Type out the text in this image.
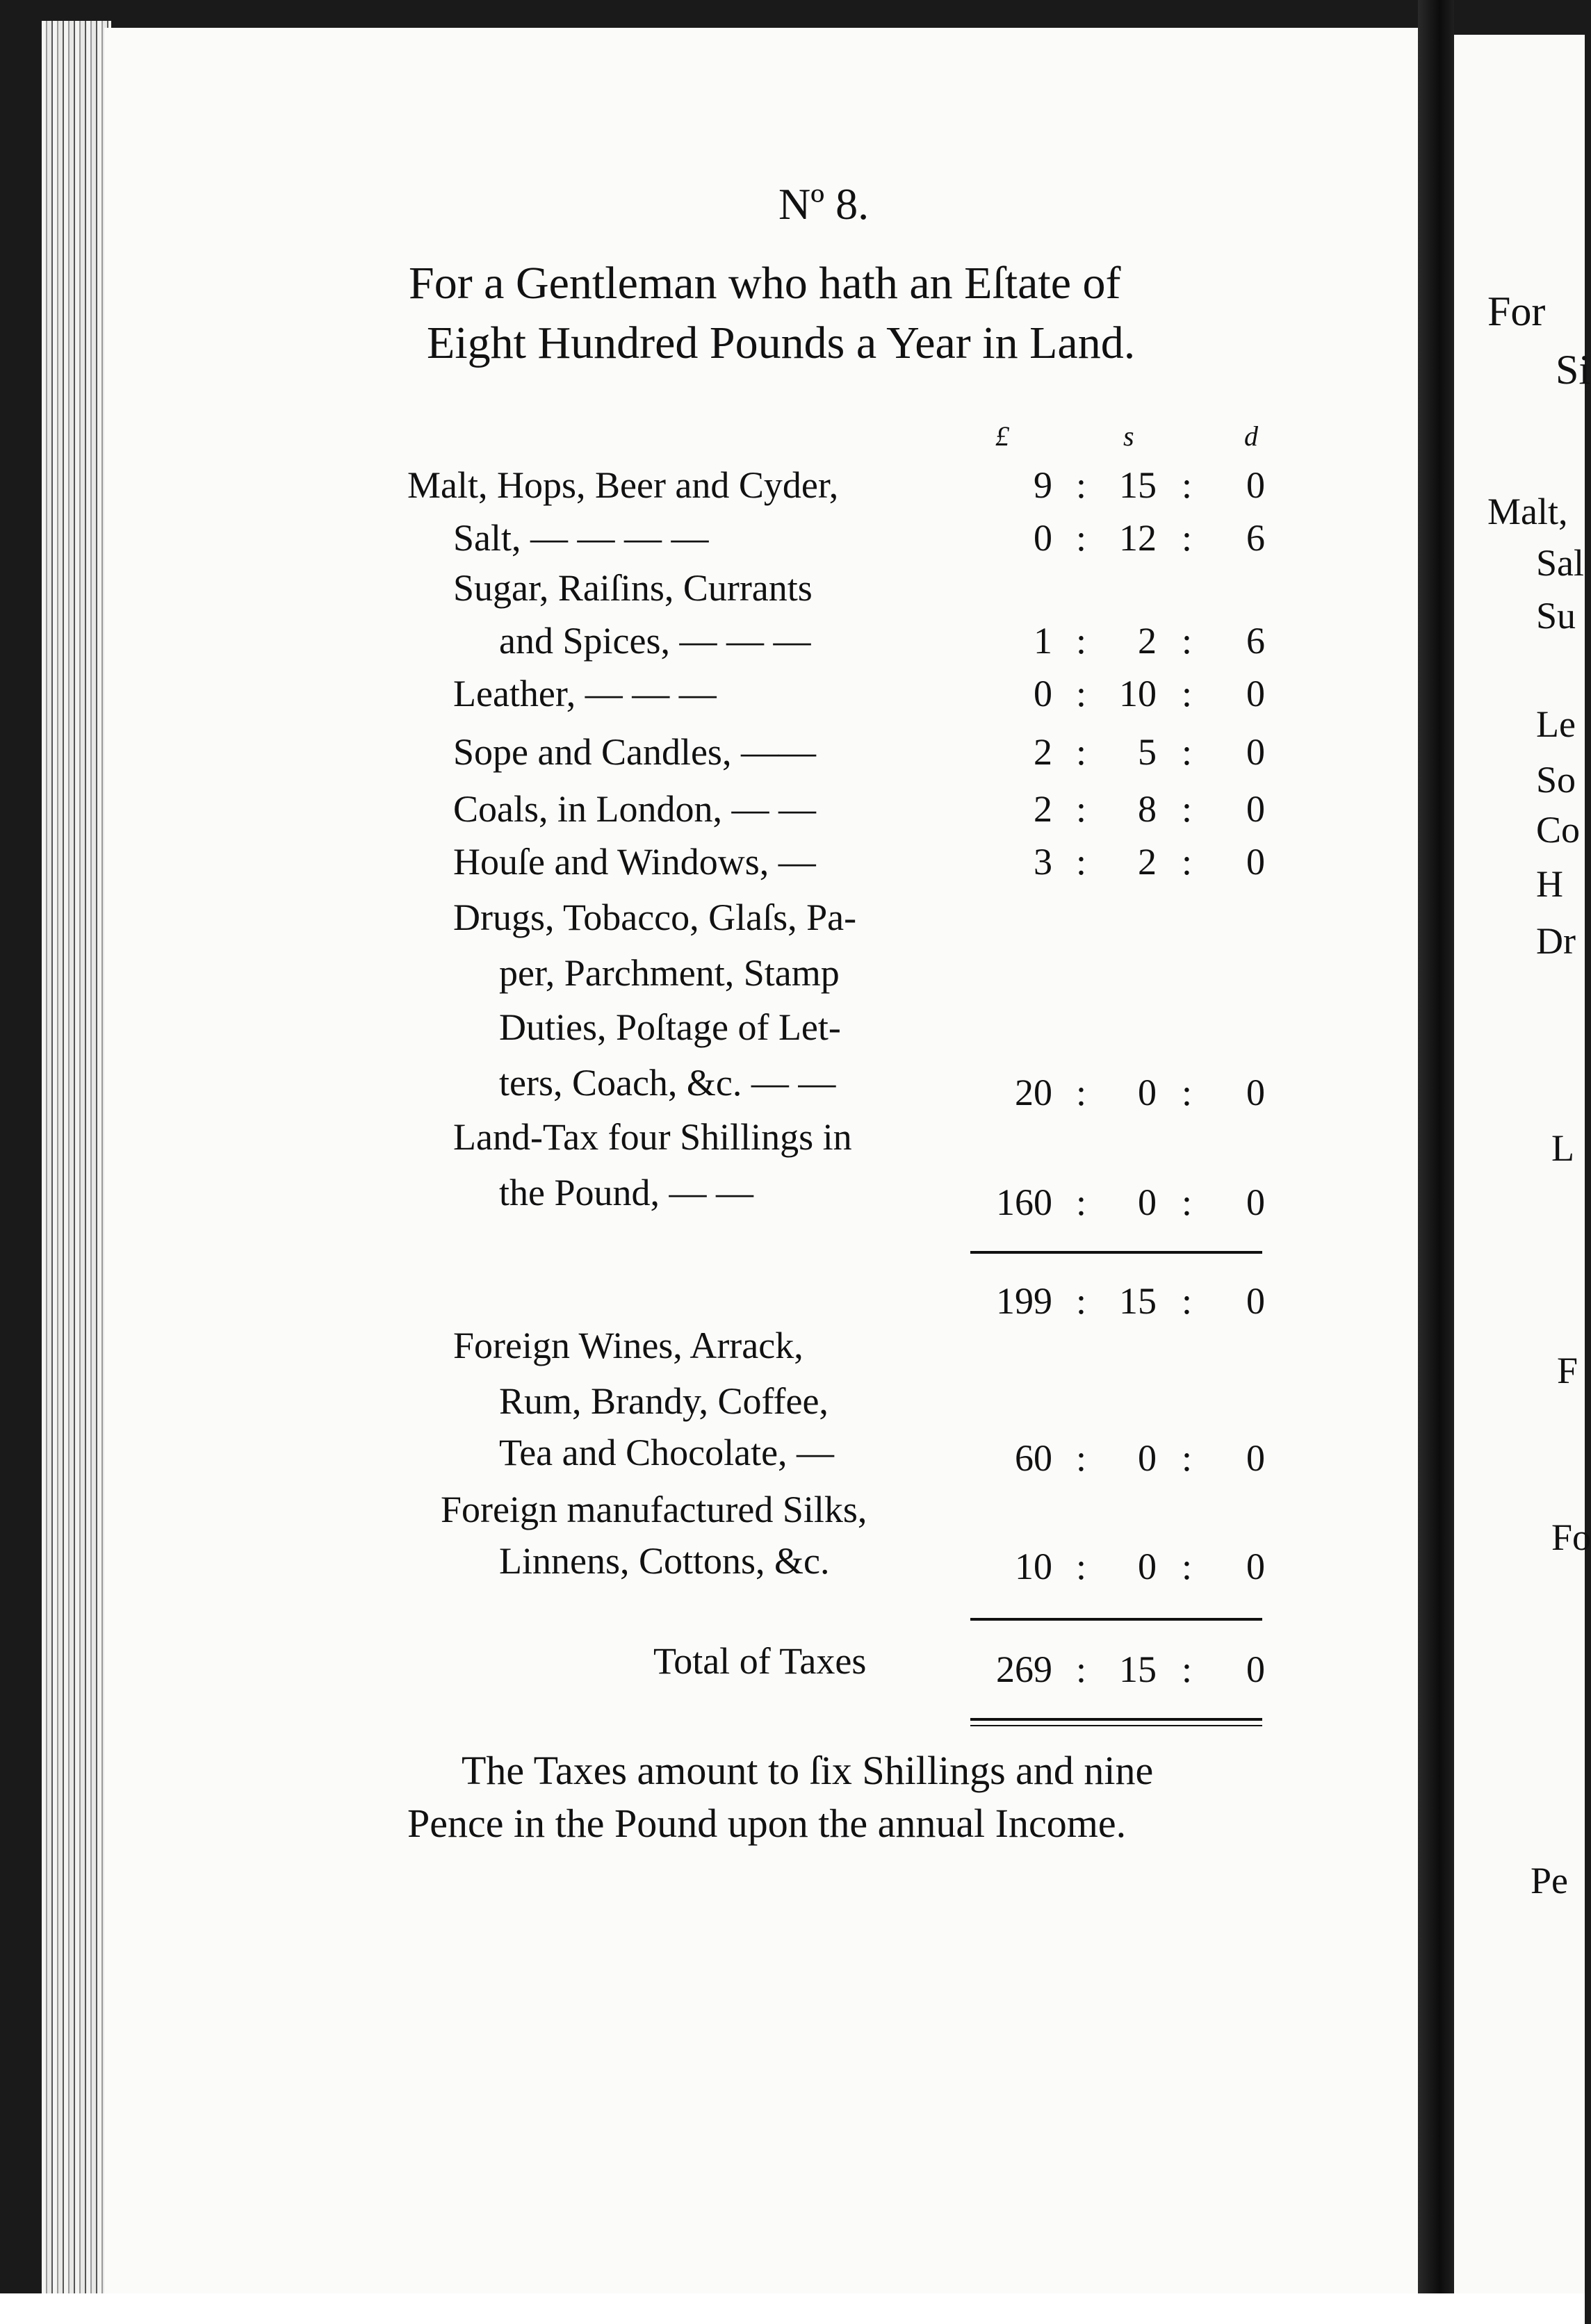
For
Si
Malt,
Sal
Su
Le
So
Co
H
Dr
L
F
Fo
Pe
Nº 8.
For a Gentleman who hath an Eſtate of
Eight Hundred Pounds a Year in Land.
£	s	d
Malt, Hops, Beer and Cyder,	9 : 15 :	0
Salt, — — — —	0 : 12 :	6
Sugar, Raiſins, Currants
and Spices, — — —	1 :	2 :	6
Leather, — — —	0 : 10 :	0
Sope and Candles, ——	2 :	5 :	0
Coals, in London, — —	2 :	8 :	0
Houſe and Windows, —	3 :	2 :	0
Drugs, Tobacco, Glaſs, Pa-
per, Parchment, Stamp
Duties, Poſtage of Let-
ters, Coach, &c. — —	20 :	0 :	0
Land-Tax four Shillings in
the Pound, — —	160 :	0 :	0
199 : 15 :	0
Foreign Wines, Arrack,
Rum, Brandy, Coffee,
Tea and Chocolate, —	60 :	0 :	0
Foreign manufactured Silks,
Linnens, Cottons, &c.	10 :	0 :	0
Total of Taxes	269 : 15 :	0
The Taxes amount to ſix Shillings and nine
Pence in the Pound upon the annual Income.
